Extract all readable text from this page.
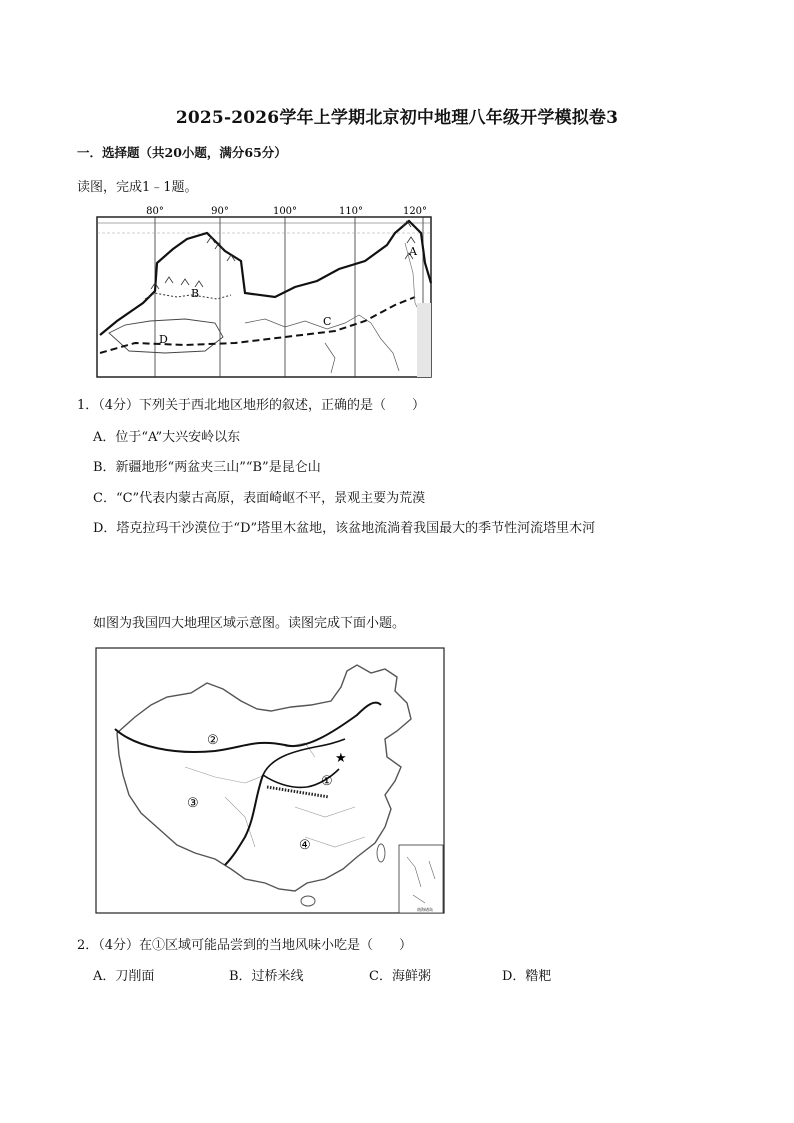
2025-2026学年上学期北京初中地理八年级开学模拟卷3
一．选择题（共20小题，满分65分）
读图，完成1﹣1题。
80°	90°	100°	110°	120°
B
D
C
A
1．（4分）下列关于西北地区地形的叙述，正确的是（　　）
A．位于“A”大兴安岭以东
B．新疆地形“两盆夹三山”“B”是昆仑山
C．“C”代表内蒙古高原，表面崎岖不平，景观主要为荒漠
D．塔克拉玛干沙漠位于“D”塔里木盆地，该盆地流淌着我国最大的季节性河流塔里木河
如图为我国四大地理区域示意图。读图完成下面小题。
南海诸岛
★
②
①
③
④
2．（4分）在①区域可能品尝到的当地风味小吃是（　　）
A．刀削面	B．过桥米线	C．海鲜粥	D．糌粑
